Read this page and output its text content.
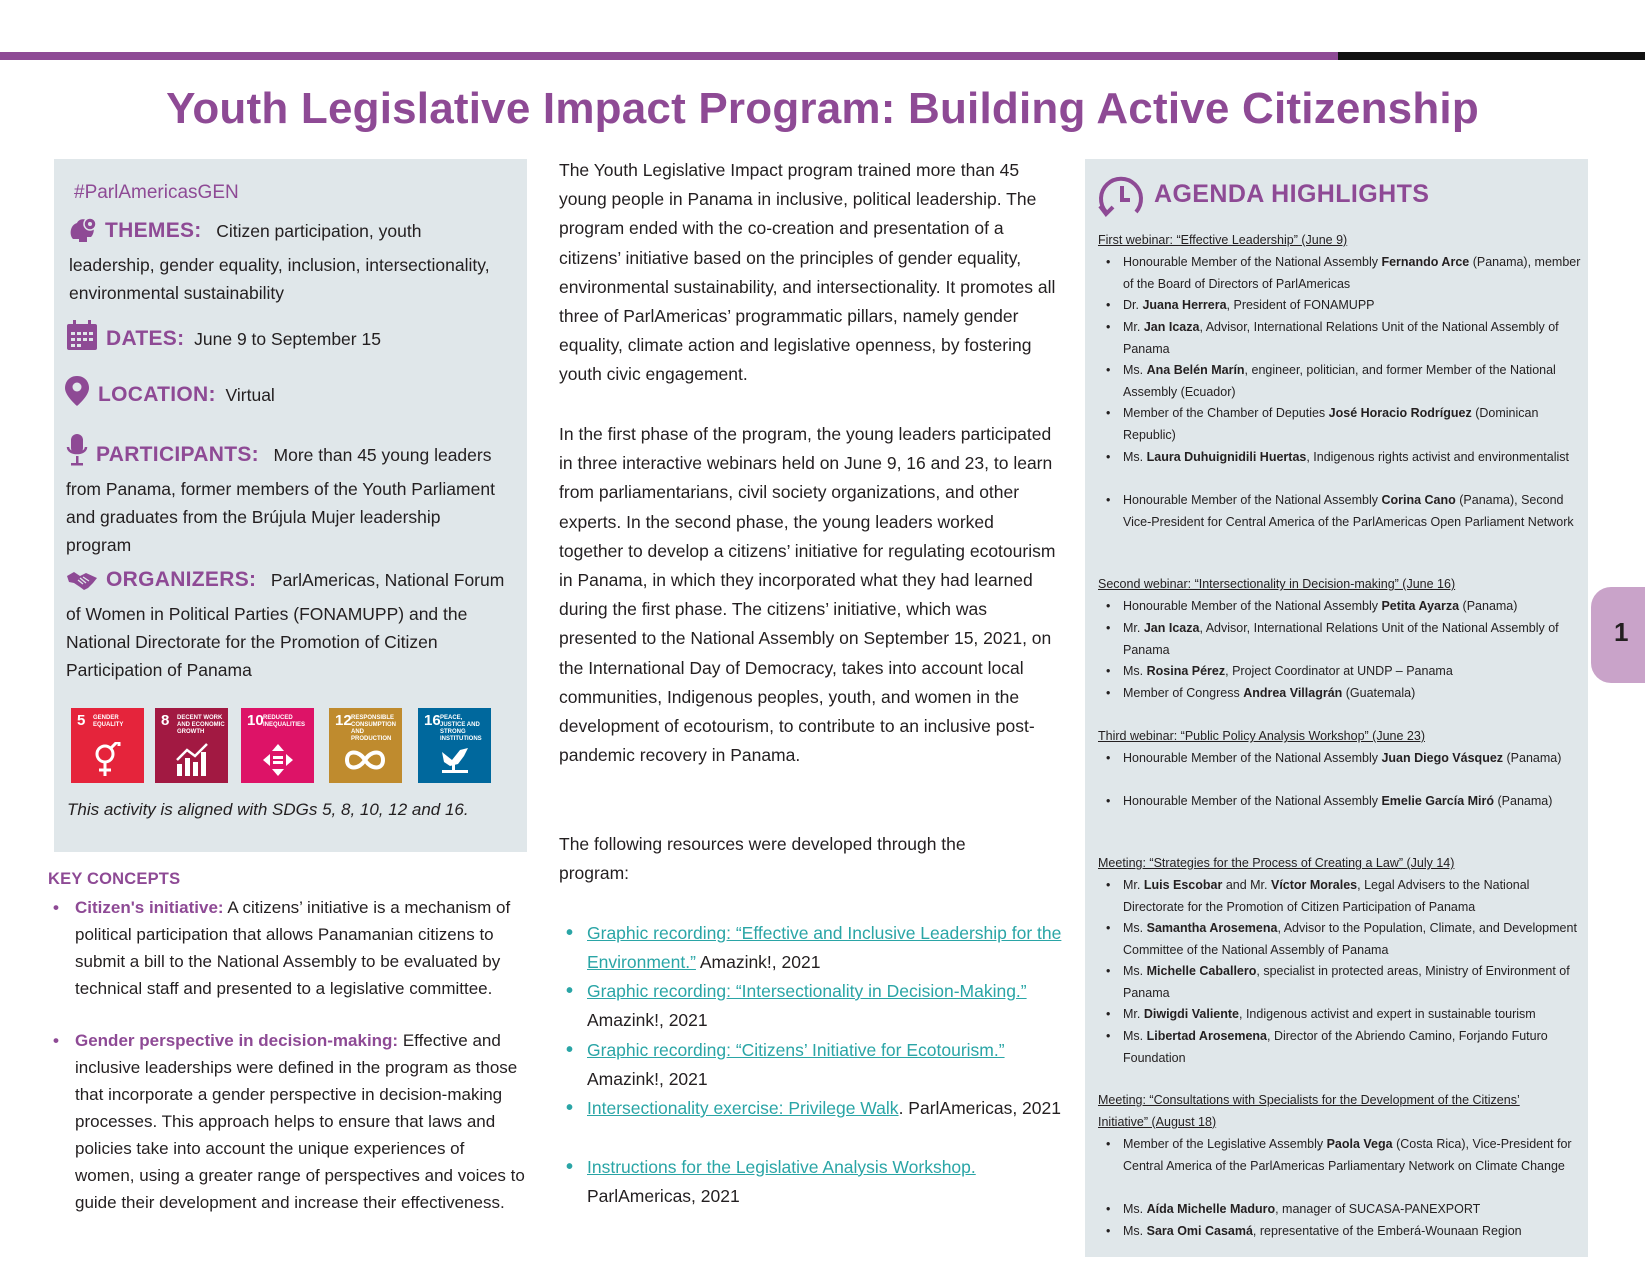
Youth Legislative Impact Program: Building Active Citizenship
#ParlAmericasGEN
THEMES: Citizen participation, youth leadership, gender equality, inclusion, intersectionality, environmental sustainability
DATES: June 9 to September 15
LOCATION: Virtual
PARTICIPANTS: More than 45 young leaders from Panama, former members of the Youth Parliament and graduates from the Brújula Mujer leadership program
ORGANIZERS: ParlAmericas, National Forum of Women in Political Parties (FONAMUPP) and the National Directorate for the Promotion of Citizen Participation of Panama
5 GENDER EQUALITY	8 DECENT WORK AND ECONOMIC GROWTH
10 REDUCED INEQUALITIES	12 RESPONSIBLE CONSUMPTION AND PRODUCTION
16 PEACE, JUSTICE AND STRONG INSTITUTIONS
This activity is aligned with SDGs 5, 8, 10, 12 and 16.
KEY CONCEPTS
• Citizen's initiative: A citizens’ initiative is a mechanism of political participation that allows Panamanian citizens to submit a bill to the National Assembly to be evaluated by technical staff and presented to a legislative committee.
• Gender perspective in decision-making: Effective and inclusive leaderships were defined in the program as those that incorporate a gender perspective in decision-making processes. This approach helps to ensure that laws and policies take into account the unique experiences of women, using a greater range of perspectives and voices to guide their development and increase their effectiveness.

The Youth Legislative Impact program trained more than 45 young people in Panama in inclusive, political leadership. The program ended with the co-creation and presentation of a citizens’ initiative based on the principles of gender equality, environmental sustainability, and intersectionality. It promotes all three of ParlAmericas’ programmatic pillars, namely gender equality, climate action and legislative openness, by fostering youth civic engagement.

In the first phase of the program, the young leaders participated in three interactive webinars held on June 9, 16 and 23, to learn from parliamentarians, civil society organizations, and other experts. In the second phase, the young leaders worked together to develop a citizens’ initiative for regulating ecotourism in Panama, in which they incorporated what they had learned during the first phase. The citizens’ initiative, which was presented to the National Assembly on September 15, 2021, on the International Day of Democracy, takes into account local communities, Indigenous peoples, youth, and women in the development of ecotourism, to contribute to an inclusive post-pandemic recovery in Panama.

The following resources were developed through the program:

• Graphic recording: “Effective and Inclusive Leadership for the Environment.” Amazink!, 2021
• Graphic recording: “Intersectionality in Decision-Making.”
Amazink!, 2021
• Graphic recording: “Citizens’ Initiative for Ecotourism.”
Amazink!, 2021
• Intersectionality exercise: Privilege Walk. ParlAmericas, 2021
• Instructions for the Legislative Analysis Workshop.
ParlAmericas, 2021
AGENDA HIGHLIGHTS
First webinar: “Effective Leadership” (June 9)
• Honourable Member of the National Assembly Fernando Arce (Panama), member of the Board of Directors of ParlAmericas
• Dr. Juana Herrera, President of FONAMUPP
• Mr. Jan Icaza, Advisor, International Relations Unit of the National Assembly of Panama
• Ms. Ana Belén Marín, engineer, politician, and former Member of the National Assembly (Ecuador)
• Member of the Chamber of Deputies José Horacio Rodríguez (Dominican Republic)
• Ms. Laura Duhuignidili Huertas, Indigenous rights activist and environmentalist
• Honourable Member of the National Assembly Corina Cano (Panama), Second Vice-President for Central America of the ParlAmericas Open Parliament Network
Second webinar: “Intersectionality in Decision-making” (June 16)
• Honourable Member of the National Assembly Petita Ayarza (Panama)
• Mr. Jan Icaza, Advisor, International Relations Unit of the National Assembly of Panama
• Ms. Rosina Pérez, Project Coordinator at UNDP – Panama
• Member of Congress Andrea Villagrán (Guatemala)
Third webinar: “Public Policy Analysis Workshop” (June 23)
• Honourable Member of the National Assembly Juan Diego Vásquez (Panama)
• Honourable Member of the National Assembly Emelie García Miró (Panama)
Meeting: “Strategies for the Process of Creating a Law” (July 14)
• Mr. Luis Escobar and Mr. Víctor Morales, Legal Advisers to the National Directorate for the Promotion of Citizen Participation of Panama
• Ms. Samantha Arosemena, Advisor to the Population, Climate, and Development Committee of the National Assembly of Panama
• Ms. Michelle Caballero, specialist in protected areas, Ministry of Environment of Panama
• Mr. Diwigdi Valiente, Indigenous activist and expert in sustainable tourism
• Ms. Libertad Arosemena, Director of the Abriendo Camino, Forjando Futuro Foundation
Meeting: “Consultations with Specialists for the Development of the Citizens’ Initiative” (August 18)
• Member of the Legislative Assembly Paola Vega (Costa Rica), Vice-President for Central America of the ParlAmericas Parliamentary Network on Climate Change
• Ms. Aída Michelle Maduro, manager of SUCASA-PANEXPORT
• Ms. Sara Omi Casamá, representative of the Emberá-Wounaan Region
1
